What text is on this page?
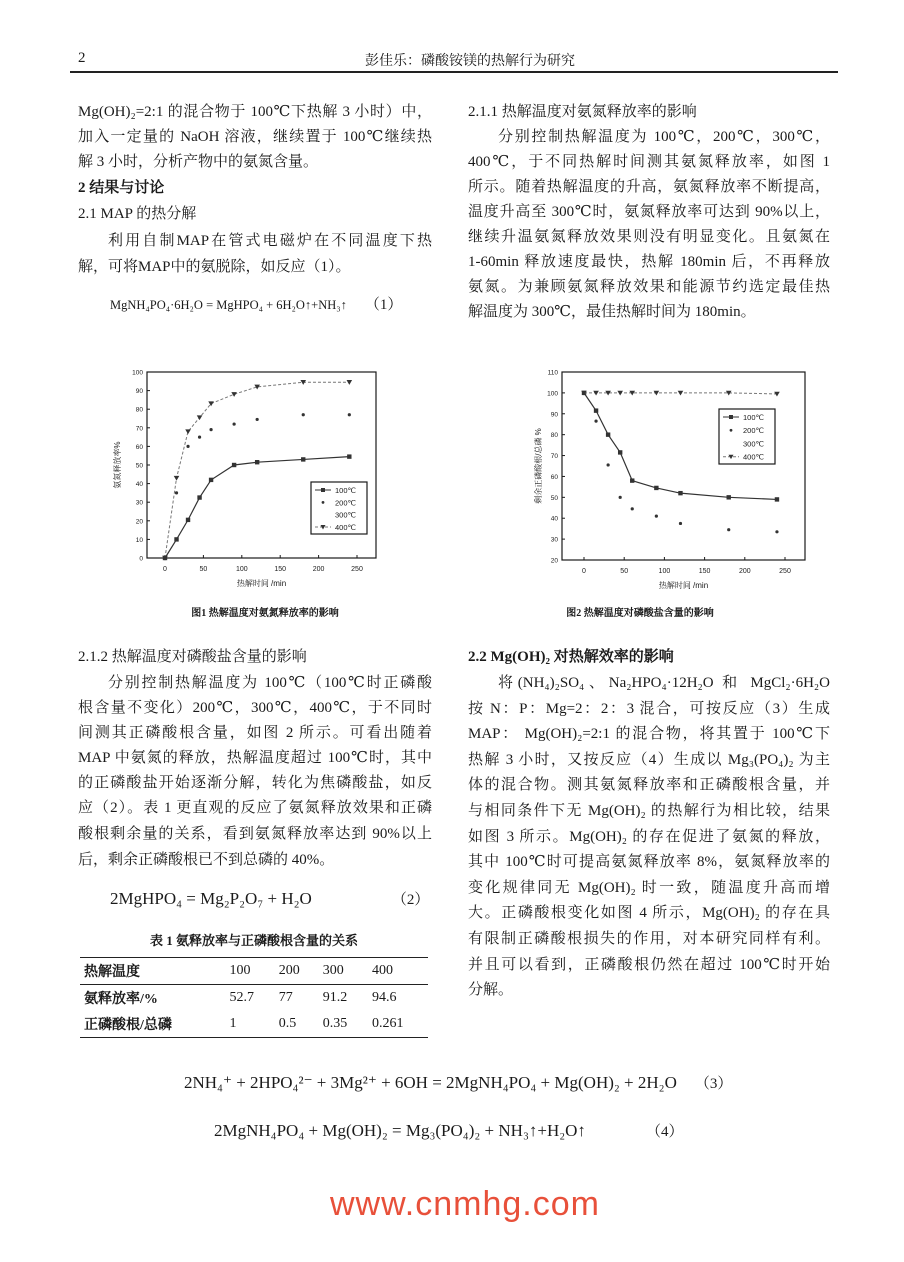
2	彭佳乐：磷酸铵镁的热解行为研究
Mg(OH)₂=2:1 的混合物于 100℃下热解 3 小时）中，
加入一定量的 NaOH 溶液，继续置于 100℃继续热
解 3 小时，分析产物中的氨氮含量。
2 结果与讨论
2.1 MAP 的热分解
利用自制MAP在管式电磁炉在不同温度下热
解，可将MAP中的氨脱除，如反应（1）。
MgNH₄PO₄·6H₂O = MgHPO₄ + 6H₂O↑+NH₃↑ （1）
2.1.1 热解温度对氨氮释放率的影响
分别控制热解温度为 100℃，200℃，300℃，
400℃，于不同热解时间测其氨氮释放率，如图 1
所示。随着热解温度的升高，氨氮释放率不断提高，
温度升高至 300℃时，氨氮释放率可达到 90%以上，
继续升温氨氮释放效果则没有明显变化。且氨氮在
1-60min 释放速度最快，热解 180min 后，不再释放
氨氮。为兼顾氨氮释放效果和能源节约选定最佳热
解温度为 300℃，最佳热解时间为 180min。
0	50	100	150	200	250
0
10
20
30
40
50
60
70
80
90
100
热解时间 /min
氨氮释放率%
100℃
200℃
300℃
400℃
0	50	100	150	200	250
20
30
40
50
60
70
80
90
100
110
热解时间 /min
剩余正磷酸根/总磷 %
100℃
200℃
300℃
400℃
图1 热解温度对氨氮释放率的影响	图2 热解温度对磷酸盐含量的影响
2.1.2 热解温度对磷酸盐含量的影响
分别控制热解温度为 100℃（100℃时正磷酸
根含量不变化）200℃，300℃，400℃，于不同时
间测其正磷酸根含量，如图 2 所示。可看出随着
MAP 中氨氮的释放，热解温度超过 100℃时，其中
的正磷酸盐开始逐渐分解，转化为焦磷酸盐，如反
应（2）。表 1 更直观的反应了氨氮释放效果和正磷
酸根剩余量的关系，看到氨氮释放率达到 90%以上
后，剩余正磷酸根已不到总磷的 40%。
2MgHPO₄ = Mg₂P₂O₇ + H₂O	（2）
表 1 氨释放率与正磷酸根含量的关系
热解温度	100	200	300	400
氨释放率/%	52.7	77	91.2	94.6
正磷酸根/总磷	1	0.5	0.35	0.261
2.2 Mg(OH)₂ 对热解效率的影响
将(NH₄)₂SO₄、Na₂HPO₄·12H₂O 和 MgCl₂·6H₂O
按 N：P：Mg=2：2：3 混合，可按反应（3）生成
MAP： Mg(OH)₂=2:1 的混合物，将其置于 100℃下
热解 3 小时，又按反应（4）生成以 Mg₃(PO₄)₂ 为主
体的混合物。测其氨氮释放率和正磷酸根含量，并
与相同条件下无 Mg(OH)₂ 的热解行为相比较，结果
如图 3 所示。Mg(OH)₂ 的存在促进了氨氮的释放，
其中 100℃时可提高氨氮释放率 8%，氨氮释放率的
变化规律同无 Mg(OH)₂ 时一致，随温度升高而增
大。正磷酸根变化如图 4 所示，Mg(OH)₂ 的存在具
有限制正磷酸根损失的作用，对本研究同样有利。
并且可以看到，正磷酸根仍然在超过 100℃时开始
分解。
2NH₄⁺ + 2HPO₄²⁻ + 3Mg²⁺ + 6OH = 2MgNH₄PO₄ + Mg(OH)₂ + 2H₂O （3）
2MgNH₄PO₄ + Mg(OH)₂ = Mg₃(PO₄)₂ + NH₃↑+H₂O↑	（4）
www.cnmhg.com
